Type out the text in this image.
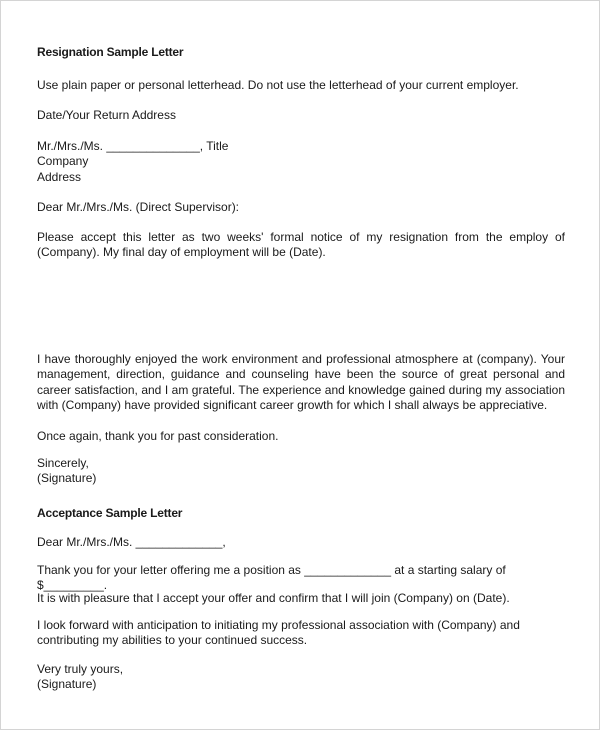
Resignation Sample Letter
Use plain paper or personal letterhead. Do not use the letterhead of your current employer.
Date/Your Return Address
Mr./Mrs./Ms. ______________, Title
Company
Address
Dear Mr./Mrs./Ms. (Direct Supervisor):
Please accept this letter as two weeks' formal notice of my resignation from the employ of (Company). My final day of employment will be (Date).
I have thoroughly enjoyed the work environment and professional atmosphere at (company). Your management, direction, guidance and counseling have been the source of great personal and career satisfaction, and I am grateful. The experience and knowledge gained during my association with (Company) have provided significant career growth for which I shall always be appreciative.
Once again, thank you for past consideration.
Sincerely,
(Signature)
Acceptance Sample Letter
Dear Mr./Mrs./Ms. _____________,
Thank you for your letter offering me a position as _____________ at a starting salary of $_________.
It is with pleasure that I accept your offer and confirm that I will join (Company) on (Date).
I look forward with anticipation to initiating my professional association with (Company) and contributing my abilities to your continued success.
Very truly yours,
(Signature)
